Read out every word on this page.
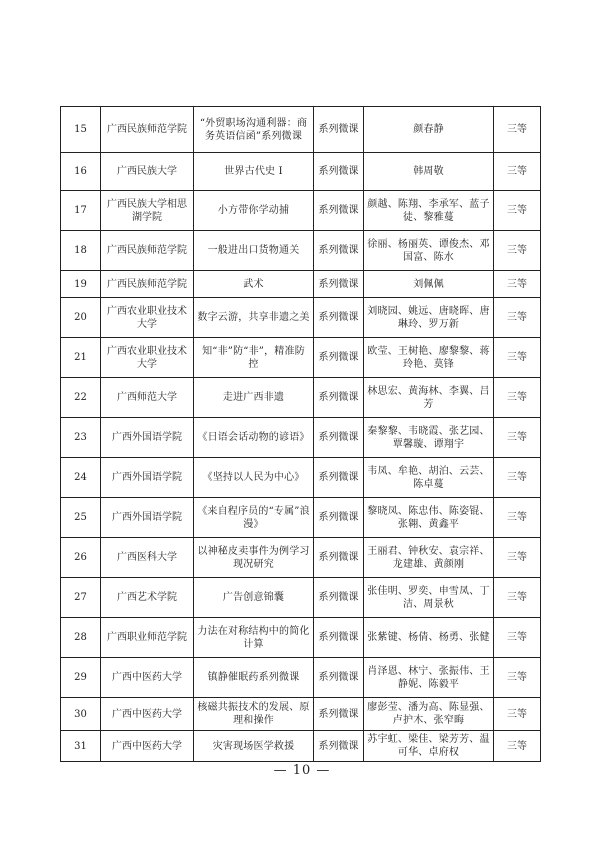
15	广西民族师范学院	“外贸职场沟通利器：商务英语信函”系列微课	系列微课	颜春静	三等
16	广西民族大学	世界古代史 I	系列微课	韩周敬	三等
17	广西民族大学相思湖学院	小方带你学动捕	系列微课	颜越、陈翔、李承军、蓝子徒、黎雅蔓	三等
18	广西民族师范学院	一般进出口货物通关	系列微课	徐丽、杨丽英、谭俊杰、邓国富、陈水	三等
19	广西民族师范学院	武术	系列微课	刘佩佩	三等
20	广西农业职业技术大学	数字云游，共享非遗之美	系列微课	刘晓园、姚远、唐晓晖、唐琳玲、罗万新	三等
21	广西农业职业技术大学	知“非”防“非”，精准防控	系列微课	欧莹、王树艳、廖黎黎、蒋玲艳、莫锋	三等
22	广西师范大学	走进广西非遗	系列微课	林思宏、黄海林、李翼、吕芳	三等
23	广西外国语学院	《日语会话动物的谚语》	系列微课	秦黎黎、韦晓霞、张艺园、覃馨璇、谭翔宇	三等
24	广西外国语学院	《坚持以人民为中心》	系列微课	韦凤、牟艳、胡泊、云芸、陈卓蔓	三等
25	广西外国语学院	《来自程序员的“专属”浪漫》	系列微课	黎晓凤、陈忠伟、陈姿锟、张翱、黄鑫平	三等
26	广西医科大学	以神秘皮卖事件为例学习现况研究	系列微课	王丽君、钟秋安、袁宗祥、龙建雄、黄颜刚	三等
27	广西艺术学院	广告创意锦囊	系列微课	张佳明、罗奕、申雪凤、丁洁、周景秋	三等
28	广西职业师范学院	力法在对称结构中的简化计算	系列微课	张紫键、杨倩、杨勇、张健	三等
29	广西中医药大学	镇静催眠药系列微课	系列微课	肖泽恩、林宁、张振伟、王静妮、陈毅平	三等
30	广西中医药大学	核磁共振技术的发展、原理和操作	系列微课	廖彭莹、潘为高、陈显强、卢护木、张窄晦	三等
31	广西中医药大学	灾害现场医学救援	系列微课	苏宇虹、梁佳、梁芳芳、温可华、卓府权	三等
— 10 —
